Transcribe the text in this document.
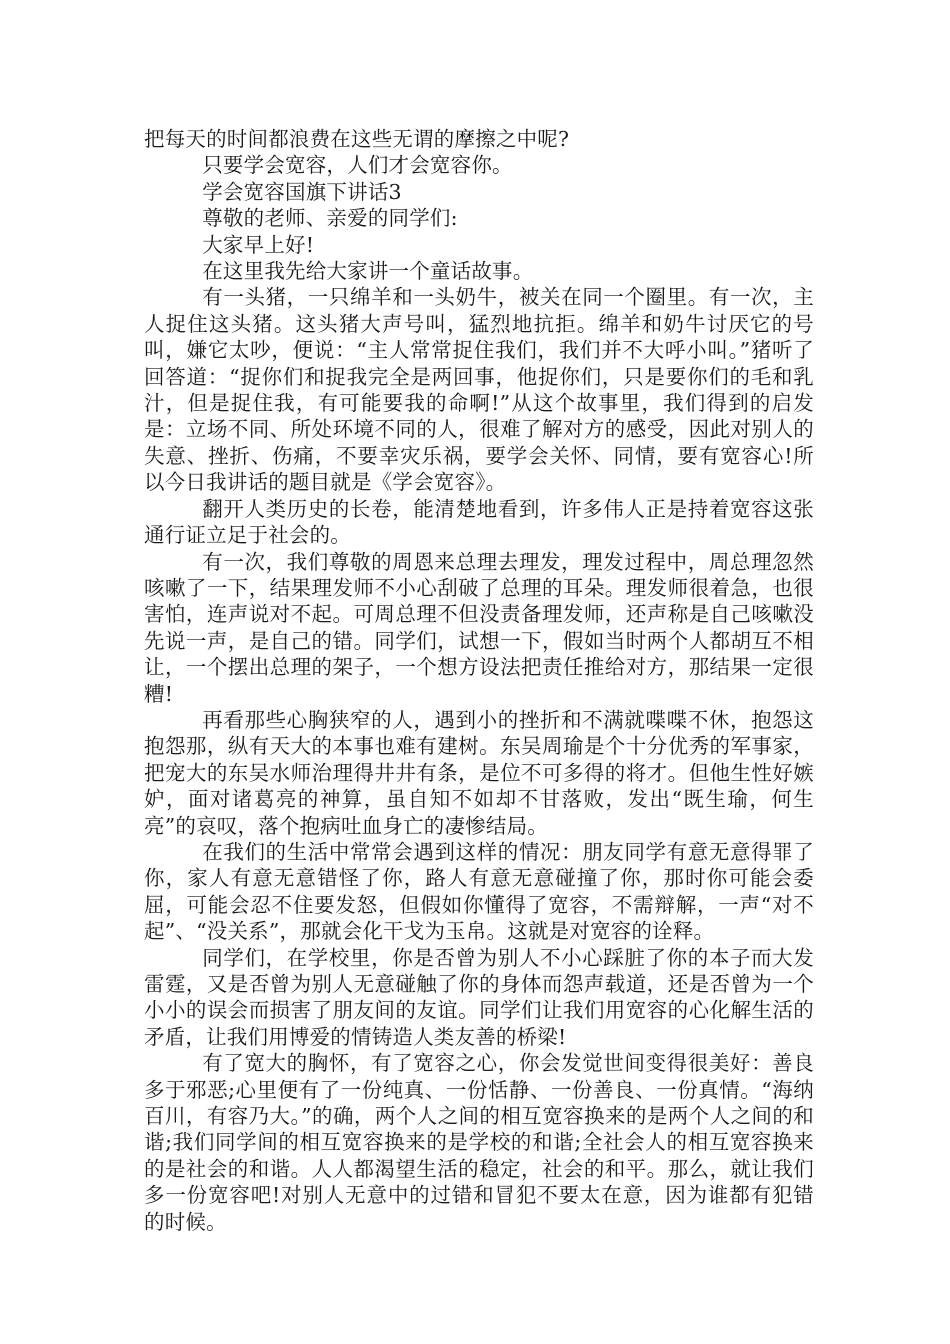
把每天的时间都浪费在这些无谓的摩擦之中呢?

只要学会宽容，人们才会宽容你。

学会宽容国旗下讲话3

尊敬的老师、亲爱的同学们:

大家早上好!

在这里我先给大家讲一个童话故事。

有一头猪，一只绵羊和一头奶牛，被关在同一个圈里。有一次，主人捉住这头猪。这头猪大声号叫，猛烈地抗拒。绵羊和奶牛讨厌它的号叫，嫌它太吵，便说：“主人常常捉住我们，我们并不大呼小叫。”猪听了回答道：“捉你们和捉我完全是两回事，他捉你们，只是要你们的毛和乳汁，但是捉住我，有可能要我的命啊!”从这个故事里，我们得到的启发是：立场不同、所处环境不同的人，很难了解对方的感受，因此对别人的失意、挫折、伤痛，不要幸灾乐祸，要学会关怀、同情，要有宽容心!所以今日我讲话的题目就是《学会宽容》。

翻开人类历史的长卷，能清楚地看到，许多伟人正是持着宽容这张通行证立足于社会的。

有一次，我们尊敬的周恩来总理去理发，理发过程中，周总理忽然咳嗽了一下，结果理发师不小心刮破了总理的耳朵。理发师很着急，也很害怕，连声说对不起。可周总理不但没责备理发师，还声称是自己咳嗽没先说一声，是自己的错。同学们，试想一下，假如当时两个人都胡互不相让，一个摆出总理的架子，一个想方设法把责任推给对方，那结果一定很糟!

再看那些心胸狭窄的人，遇到小的挫折和不满就喋喋不休，抱怨这抱怨那，纵有天大的本事也难有建树。东吴周瑜是个十分优秀的军事家，把宠大的东吴水师治理得井井有条，是位不可多得的将才。但他生性好嫉妒，面对诸葛亮的神算，虽自知不如却不甘落败，发出“既生瑜，何生亮”的哀叹，落个抱病吐血身亡的凄惨结局。

在我们的生活中常常会遇到这样的情况：朋友同学有意无意得罪了你，家人有意无意错怪了你，路人有意无意碰撞了你，那时你可能会委屈，可能会忍不住要发怒，但假如你懂得了宽容，不需辩解，一声“对不起”、“没关系”，那就会化干戈为玉帛。这就是对宽容的诠释。

同学们，在学校里，你是否曾为别人不小心踩脏了你的本子而大发雷霆，又是否曾为别人无意碰触了你的身体而怨声载道，还是否曾为一个小小的误会而损害了朋友间的友谊。同学们让我们用宽容的心化解生活的矛盾，让我们用博爱的情铸造人类友善的桥梁!

有了宽大的胸怀，有了宽容之心，你会发觉世间变得很美好：善良多于邪恶;心里便有了一份纯真、一份恬静、一份善良、一份真情。“海纳百川，有容乃大。”的确，两个人之间的相互宽容换来的是两个人之间的和谐;我们同学间的相互宽容换来的是学校的和谐;全社会人的相互宽容换来的是社会的和谐。人人都渴望生活的稳定，社会的和平。那么，就让我们多一份宽容吧!对别人无意中的过错和冒犯不要太在意，因为谁都有犯错的时候。
